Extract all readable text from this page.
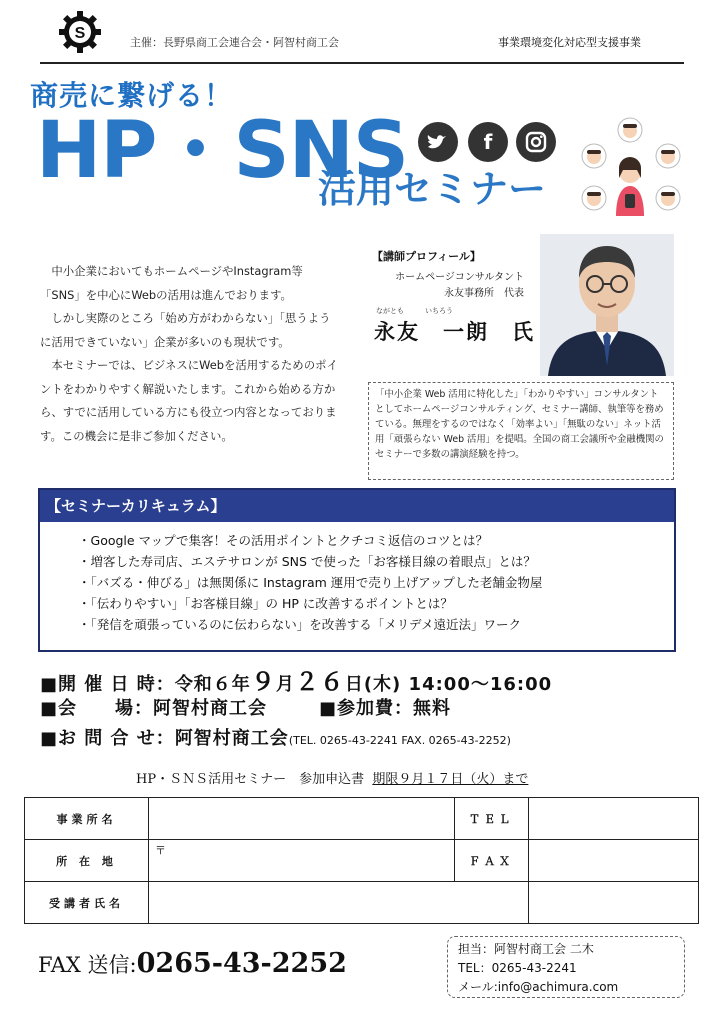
S
主催：長野県商工会連合会・阿智村商工会	事業環境変化対応型支援事業
商売に繋げる！
HP・SNS
活用セミナー
f

中小企業においてもホームページやInstagram等「SNS」を中心にWebの活用は進んでおります。

しかし実際のところ「始め方がわからない」「思うように活用できていない」企業が多いのも現状です。

本セミナーでは、ビジネスにWebを活用するためのポイントをわかりやすく解説いたします。これから始める方から、すでに活用している方にも役立つ内容となっております。この機会に是非ご参加ください。

【講師プロフィール】
ホームページコンサルタント
永友事務所　代表
ながとも　　　いちろう
永友　一朗　氏
「中小企業 Web 活用に特化した」「わかりやすい」コンサルタントとしてホームページコンサルティング、セミナー講師、執筆等を務めている。無理をするのではなく「効率よい」「無駄のない」ネット活用「頑張らない Web 活用」を提唱。全国の商工会議所や金融機関のセミナーで多数の講演経験を持つ。
【セミナーカリキュラム】
・ Google マップで集客！その活用ポイントとクチコミ返信のコツとは？
・ 増客した寿司店、エステサロンが SNS で使った「お客様目線の着眼点」とは？
・ 「バズる・伸びる」は無関係に Instagram 運用で売り上げアップした老舗金物屋
・ 「伝わりやすい」「お客様目線」の HP に改善するポイントとは？
・ 「発信を頑張っているのに伝わらない」を改善する「メリデメ遠近法」ワーク
■開 催 日 時：令和６年９月２６日(木) 14:00〜16:00
■会　　場：阿智村商工会	■参加費：無料
■お 問 合 せ：阿智村商工会(TEL. 0265-43-2241 FAX. 0265-43-2252)
HP・ＳＮＳ活用セミナー　参加申込書 期限９月１７日（火）まで
事業所名		ＴＥＬ	
所 在 地	〒	ＦＡＸ	
受講者氏名			
FAX 送信:0265-43-2252	担当：阿智村商工会 二木
TEL：0265-43-2241
メール:info@achimura.com
